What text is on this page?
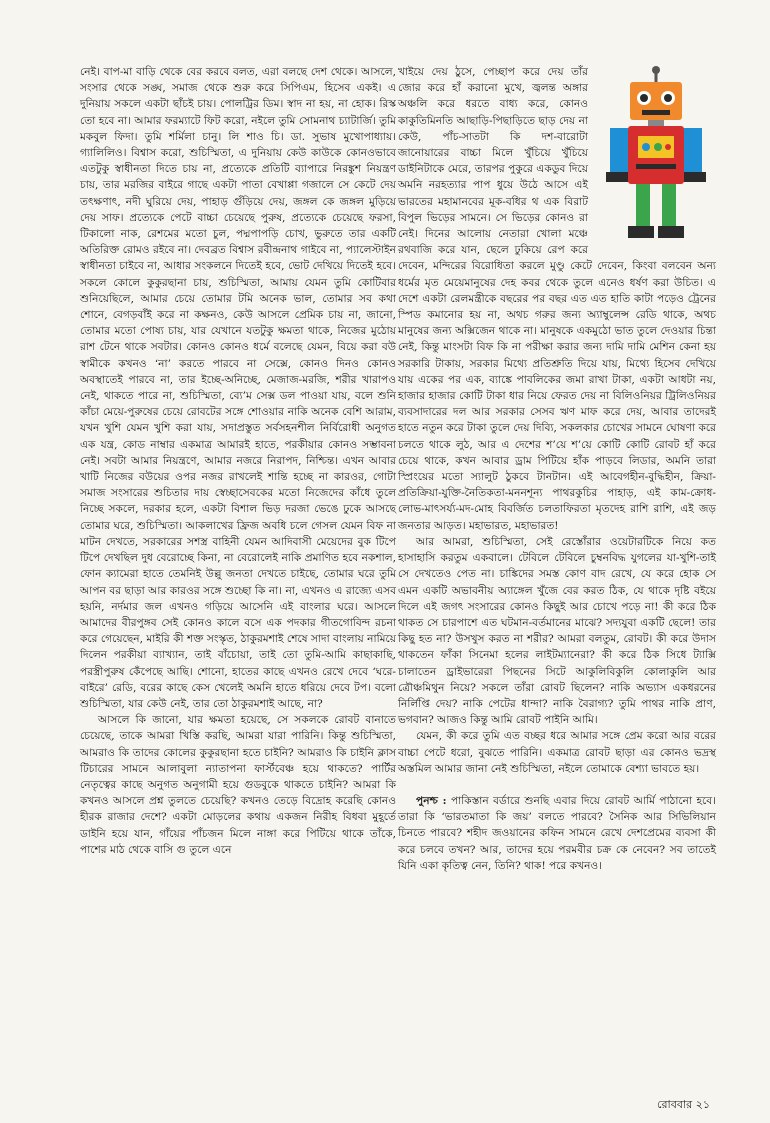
নেই। বাপ-মা বাড়ি থেকে বের করবে বলত, এরা বলছে দেশ থেকে। আসলে, সংসার থেকে সঙ্ঘ, সমাজ থেকে শুরু করে সিপিএম, হিসেব একই। এ দুনিয়ায় সকলে একটা ছাঁচই চায়। পোলট্রির ডিম। স্বাদ না হয়, না হোক। রিস্ক তো হবে না। আমার ফরম্যাটে ফিট করো, নইলে তুমি সোমনাথ চ্যাটার্জি। তুমি মকবুল ফিদা। তুমি শর্মিলা চানু। লি শাও চি। ডা. সুভাষ মুখোপাধ্যায়। গ্যালিলিও। বিশ্বাস করো, শুচিস্মিতা, এ দুনিয়ায় কেউ কাউকে কোনওভাবে এতটুকু স্বাধীনতা দিতে চায় না, প্রত্যেকে প্রতিটি ব্যাপারে নিরঙ্কুশ নিয়ন্ত্রণ চায়, তার মরজির বাইরে গাছে একটা পাতা বেখাপ্পা গজালে সে কেটে দেয় তৎক্ষণাৎ, নদী ঘুরিয়ে দেয়, পাহাড় গুঁড়িয়ে দেয়, জঙ্গল কে জঙ্গল মুড়িয়ে দেয় সাফ। প্রত্যেকে পেটে বাচ্চা চেয়েছে পুরুষ, প্রত্যেকে চেয়েছে ফরসা, টিকালো নাক, রেশমের মতো চুল, পদ্মপাপড়ি চোখ, ভুরুতে তার একটি অতিরিক্ত রোমও রইবে না। দেবব্রত বিশ্বাস রবীন্দ্রনাথ গাইবে না, প্যালেস্টাইন স্বাধীনতা চাইবে না, আধার সংকলনে দিতেই হবে, ভোট দেখিয়ে দিতেই হবে। সকলে কোলে কুকুরছানা চায়, শুচিস্মিতা, আমায় যেমন তুমি কোটিবার শুনিয়েছিলে, আমার চেয়ে তোমার টমি অনেক ভাল, তোমার সব কথা শোনে, বেগড়বাঁই করে না কক্ষনও, কেউ আসলে প্রেমিক চায় না, জানো, তোমার মতো পোষ্য চায়, যার যেখানে যতটুকু ক্ষমতা থাকে, নিজের মুঠোয় রাশ টেনে থাকে সবটার। কোনও কোনও ধর্মে বলেছে যেমন, বিয়ে করা বউ স্বামীকে কখনও ‘না’ করতে পারবে না সেক্সে, কোনও দিনও কোনও অবস্থাতেই পারবে না, তার ইচ্ছে-অনিচ্ছে, মেজাজ-মরজি, শরীর খারাপও নেই, থাকতে পারে না, শুচিস্মিতা, ব্যে’ম সেক্স ডল পাওয়া যায়, বলে শুনি কাঁচা মেয়ে-পুরুষের চেয়ে রোবটের সঙ্গে শোওয়ার নাকি অনেক বেশি আরাম, যখন খুশি যেমন খুশি করা যায়, সদাপ্রস্তুত সর্বসহনশীল নির্বিরোধী অনুগত এক যন্ত্র, কোড নাম্বার একমাত্র আমারই হাতে, পরকীয়ার কোনও সম্ভাবনা নেই। সবটা আমার নিয়ন্ত্রণে, আমার নজরে নিরাপদ, নিশ্চিন্ত। এখন আবার খাটি নিজের বউয়ের ওপর নজর রাখলেই শান্তি হচ্ছে না কারওর, গোটা সমাজ সংসারের শুচিতার দায় স্বেচ্ছাসেবকের মতো নিজেদের কাঁধে তুলে নিচ্ছে সকলে, দরকার হলে, একটা বিশাল ভিড় দরজা ভেঙে ঢুকে আসছে তোমার ঘরে, শুচিস্মিতা। আকলাখের ফ্রিজ অবধি চলে গেসল যেমন বিফ না মাটন দেখতে, সরকারের সশস্ত্র বাহিনী যেমন আদিবাসী মেয়েদের বুক টিপে টিপে দেখছিল দুধ বেরোচ্ছে কিনা, না বেরোলেই নাকি প্রমাণিত হবে নকশাল, ফোন ক্যামেরা হাতে তেমনিই উল্লু জনতা দেখতে চাইছে, তোমার ঘরে তুমি আপন বর ছাড়া আর কারওর সঙ্গে শুচ্ছো কি না। না, এখনও এ রাজ্যে এসব হয়নি, নর্দমার জল এখনও গড়িয়ে আসেনি এই বাংলার ঘরে। আসলে আমাদের বীরপুঙ্গব সেই কোনও কালে বসে এক পদকার গীতগোবিন্দ রচনা করে গেয়েছেন, মাইরি কী শক্ত সংস্কৃত, ঠাকুরমশাই শেষে সাদা বাংলায় নামিয়ে দিলেন পরকীয়া ব্যাখ্যান, তাই বাঁচোয়া, তাই তো তুমি-আমি কাছাকাছি, পরস্ত্রীপুরুষ কেঁপেছে আছি। শোনো, হাতের কাছে এখনও রেখে দেবে ‘ঘরে-বাইরে’ রেডি, বরের কাছে কেস খেলেই অমনি হাতে ধরিয়ে দেবে টপ। বলো শুচিস্মিতা, যার কেউ নেই, তার তো ঠাকুরমশাই আছে, না?

আসলে কি জানো, যার ক্ষমতা হয়েছে, সে সকলকে রোবট বানাতে চেয়েছে, তাকে আমরা খিস্তি করছি, আমরা যারা পারিনি। কিন্তু শুচিস্মিতা, আমরাও কি তাদের কোলের কুকুরছানা হতে চাইনি? আমরাও কি চাইনি ক্লাস টিচারের সামনে আলাবুলা ন্যাতাপনা ফার্স্টবেঞ্চ হয়ে থাকতে? পার্টির নেতৃত্বের কাছে অনুগত অনুগামী হয়ে গুডবুকে থাকতে চাইনি? আমরা কি কখনও আসলে প্রশ্ন তুলতে চেয়েছি? কখনও তেড়ে বিদ্রোহ করেছি কোনও হীরক রাজার দেশে? একটা মোড়লের কথায় একজন নিরীহ বিধবা মুহূর্তে ডাইনি হয়ে যান, গাঁয়ের পাঁচজন মিলে নাঙ্গা করে পিটিয়ে থাকে তাঁকে, পাশের মাঠ থেকে বাসি গু তুলে এনে

খাইয়ে দেয় ঠুসে, পেচ্ছাপ করে দেয় তাঁর জোর করে হাঁ করানো মুখে, জ্বলন্ত অঙ্গার অঞ্চলি করে ধরতে বাধ্য করে, কোনও কাকুতিমিনতি আছাড়ি-পিছাড়িতে ছাড় দেয় না কেউ, পাঁচ-সাতটা কি দশ-বারোটা জানোয়ারের বাচ্চা মিলে খুঁচিয়ে খুঁচিয়ে ডাইনিটাকে মেরে, তারপর পুকুরে একডুব দিয়ে অমনি নরহত্যার পাপ ধুয়ে উঠে আসে এই ভারতের মহামানবের মূক-বধির থ এক বিরাট বিপুল ভিড়ের সামনে। সে ভিড়ের কোনও রা নেই। দিনের আলোয় নেতারা খোলা মঞ্চে রথবাজি করে যান, ছেলে ঢুকিয়ে রেপ করে দেবেন, মন্দিরের বিরোধিতা করলে মুণ্ডু কেটে দেবেন, কিংবা বলবেন অন্য ধর্মের মৃত মেয়েমানুষের দেহ কবর থেকে তুলে এনেও ধর্ষণ করা উচিত। এ দেশে একটা রেলমন্ত্রীকে বছরের পর বছর এত এত হাতি কাটা পড়েও ট্রেনের স্পিড কমানোর হয় না, অথচ গরুর জন্য অ্যাম্বুলেন্স রেডি থাকে, অথচ মানুষের জন্য অক্সিজেন থাকে না। মানুষকে একমুঠো ভাত তুলে দেওয়ার চিন্তা নেই, কিন্তু মাংসটা বিফ কি না পরীক্ষা করার জন্য দামি দামি মেশিন কেনা হয় সরকারি টাকায়, সরকার মিথ্যে প্রতিশ্রুতি দিয়ে যায়, মিথ্যে হিসেব দেখিয়ে যায় একের পর এক, ব্যাঙ্কে পাবলিকের জমা রাখা টাকা, একটা আধটা নয়, হাজার হাজার কোটি টাকা ধার নিয়ে ফেরত দেয় না বিলিওনিয়র ট্রিলিওনিয়র ব্যবসাদারের দল আর সরকার সেসব ঋণ মাফ করে দেয়, আবার তাদেরই হাতে নতুন করে টাকা তুলে দেয় দিব্যি, সকলকার চোখের সামনে ঘোষণা করে চলতে থাকে লুঠ, আর এ দেশের শ’য়ে শ’য়ে কোটি কোটি রোবট হাঁ করে চেয়ে থাকে, কখন আবার ড্রাম পিটিয়ে হাঁক পাড়বে লিডার, অমনি তারা স্প্রিংয়ের মতো স্যালুট ঠুকবে টানটান। এই আবেগহীন-বুদ্ধিহীন, ক্রিয়া-প্রতিক্রিয়া-যুক্তি-নৈতিকতা-মননশূন্য পাথরকুচির পাহাড়, এই কাম-ক্রোধ-লোভ-মাৎসর্য্য-মদ-মোহ বিবর্জিত চলতাফিরতা মৃতদেহ রাশি রাশি, এই জড় জনতার আড়ত। মহাভারত, মহাভারত!

আর আমরা, শুচিস্মিতা, সেই রেস্তোঁরার ওয়েটারটিকে নিয়ে কত হাসাহাসি করতুম একবালে। টেবিলে টেবিলে চুম্বনবিদ্ধ যুগলের যা-খুশি-তাই সে দেখতেও পেত না। চাঙ্কিদের সমস্ত কোণ বাদ রেখে, যে করে হোক সে এমন একটি অভাবনীয় অ্যাঙ্গেল খুঁজে বের করত ঠিক, যে থাকে দৃষ্টি বইয়ে দিলে এই জগৎ সংসারের কোনও কিছুই আর চোখে পড়ে না! কী করে ঠিক থাকত সে চারপাশে এত ঘটমান-বর্তমানের মাঝে? সদ্যযুবা একটি ছেলে! তার কিছু হত না? উসখুস করত না শরীর? আমরা বলতুম, রোবট। কী করে উদাস থাকতেন ফাঁকা সিনেমা হলের লাইটম্যানেরা? কী করে ঠিক সিধে ট্যাক্সি চালাতেন ড্রাইভারেরা পিছনের সিটে আকুলিবিকুলি কোলাকুলি আর ত্রৌঞ্চমিথুন নিয়ে? সকলে তাঁরা রোবট ছিলেন? নাকি অভ্যাস একধরনের নির্লিপ্তি দেয়? নাকি পেটের ধান্দা? নাকি বৈরাগ্য? তুমি পাথর নাকি প্রাণ, ভগবান? আজও কিন্তু আমি রোবট পাইনি আমি।

যেমন, কী করে তুমি এত বচ্ছর ধরে আমার সঙ্গে প্রেম করো আর বরের বাচ্চা পেটে ধরো, বুঝতে পারিনি। একমাত্র রোবট ছাড়া এর কোনও ভদ্রস্থ অস্তমিল আমার জানা নেই শুচিস্মিতা, নইলে তোমাকে বেশ্যা ভাবতে হয়।

পুনশ্চ : পাকিস্তান বর্ডারে শুনছি এবার দিয়ে রোবট আর্মি পাঠানো হবে। তারা কি ‘ভারতমাতা কি জয়’ বলতে পারবে? সৈনিক আর সিভিলিয়ান চিনতে পারবে? শহীদ জওয়ানের কফিন সামনে রেখে দেশপ্রেমের ব্যবসা কী করে চলবে তখন? আর, তাদের হয়ে পরমবীর চক্র কে নেবেন? সব তাতেই যিনি একা কৃতিত্ব নেন, তিনি? থাক! পরে কখনও।

রোববার ২১
